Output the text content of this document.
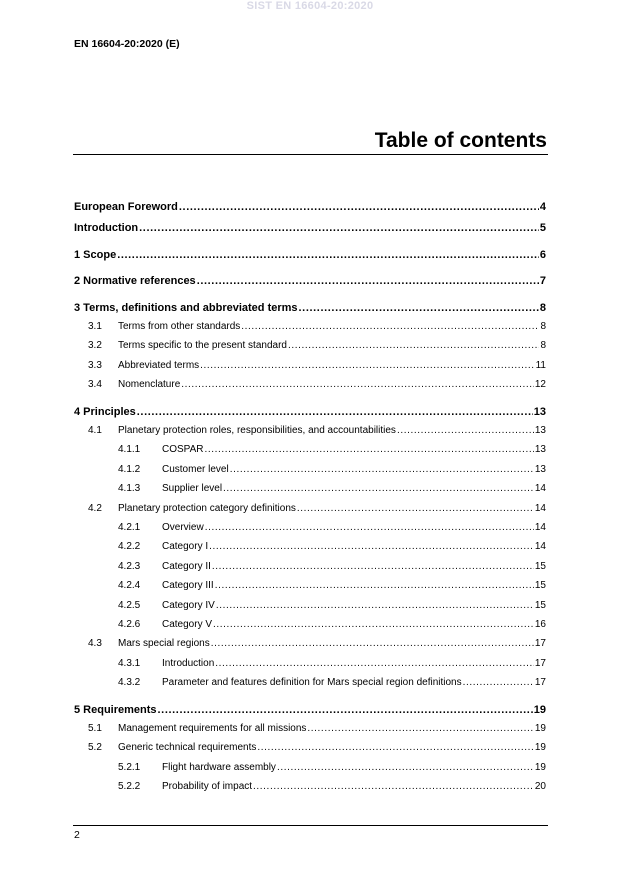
SIST EN 16604-20:2020
EN 16604-20:2020 (E)
Table of contents
European Foreword .....	4
Introduction .....	5
1 Scope .....	6
2 Normative references .....	7
3 Terms, definitions and abbreviated terms .....	8
3.1	Terms from other standards .....	8
3.2	Terms specific to the present standard .....	8
3.3	Abbreviated terms .....	11
3.4	Nomenclature .....	12
4 Principles .....	13
4.1	Planetary protection roles, responsibilities, and accountabilities .....	13
4.1.1	COSPAR .....	13
4.1.2	Customer level .....	13
4.1.3	Supplier level .....	14
4.2	Planetary protection category definitions .....	14
4.2.1	Overview .....	14
4.2.2	Category I .....	14
4.2.3	Category II .....	15
4.2.4	Category III .....	15
4.2.5	Category IV .....	15
4.2.6	Category V .....	16
4.3	Mars special regions .....	17
4.3.1	Introduction .....	17
4.3.2	Parameter and features definition for Mars special region definitions .....	17
5 Requirements .....	19
5.1	Management requirements for all missions .....	19
5.2	Generic technical requirements .....	19
5.2.1	Flight hardware assembly .....	19
5.2.2	Probability of impact .....	20
2
